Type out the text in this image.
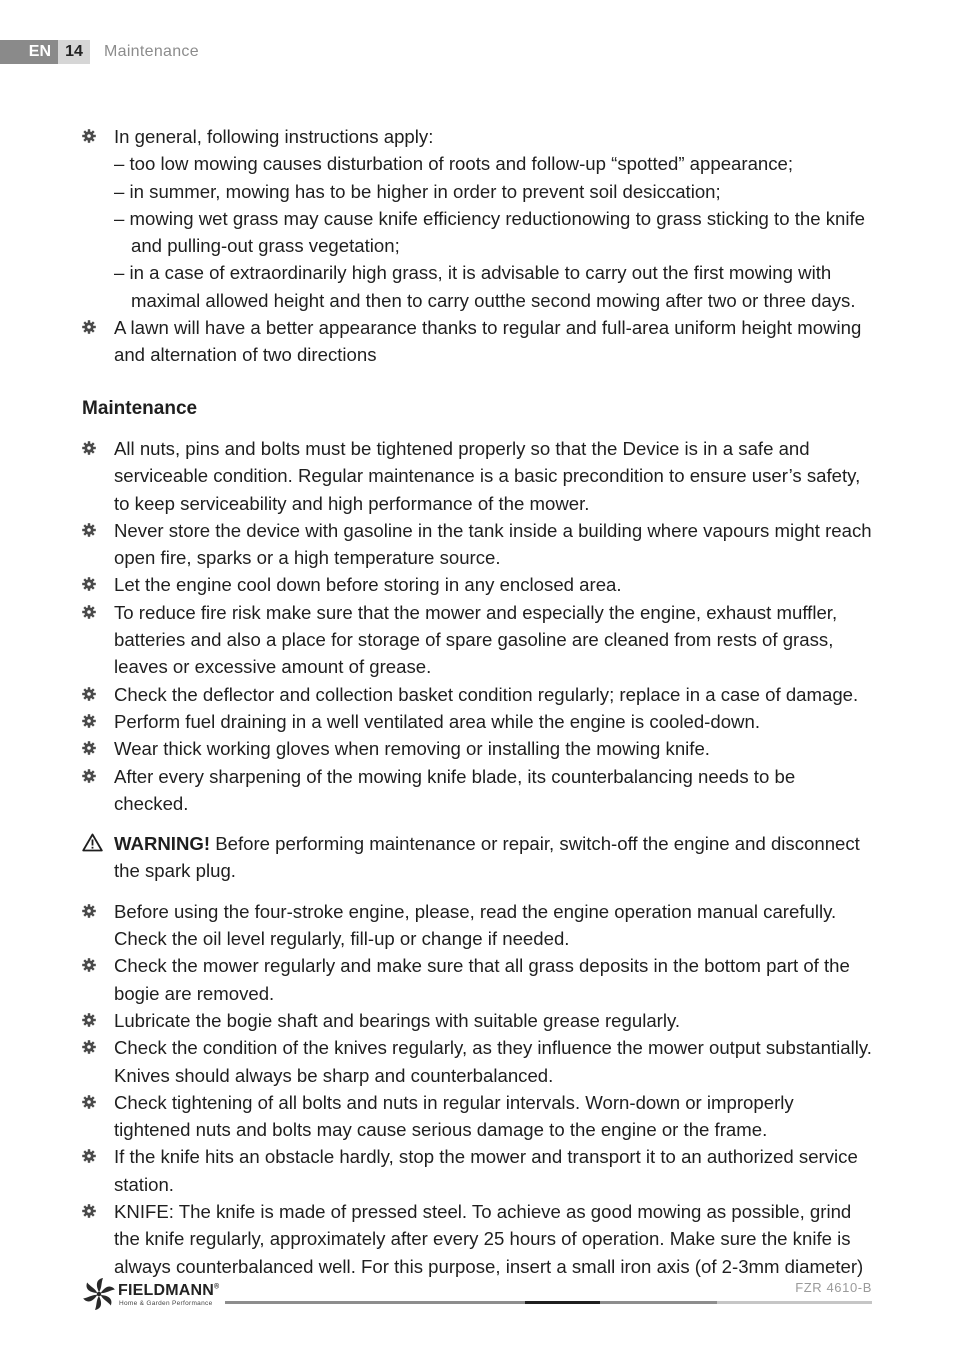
EN 14	Maintenance
In general, following instructions apply:
– too low mowing causes disturbation of roots and follow-up “spotted” appearance;
– in summer, mowing has to be higher in order to prevent soil desiccation;
– mowing wet grass may cause knife efficiency reductionowing to grass sticking to the knife and pulling-out grass vegetation;
– in a case of extraordinarily high grass, it is advisable to carry out the first mowing with maximal allowed height and then to carry outthe second mowing after two or three days.
A lawn will have a better appearance thanks to regular and full-area uniform height mowing and alternation of two directions
Maintenance
All nuts, pins and bolts must be tightened properly so that the Device is in a safe and serviceable condition. Regular maintenance is a basic precondition to ensure user’s safety, to keep serviceability and high performance of the mower.
Never store the device with gasoline in the tank inside a building where vapours might reach open fire, sparks or a high temperature source.
Let the engine cool down before storing in any enclosed area.
To reduce fire risk make sure that the mower and especially the engine, exhaust muffler, batteries and also a place for storage of spare gasoline are cleaned from rests of grass, leaves or excessive amount of grease.
Check the deflector and collection basket condition regularly; replace in a case of damage.
Perform fuel draining in a well ventilated area while the engine is cooled-down.
Wear thick working gloves when removing or installing the mowing knife.
After every sharpening of the mowing knife blade, its counterbalancing needs to be checked.
WARNING! Before performing maintenance or repair, switch-off the engine and disconnect the spark plug.
Before using the four-stroke engine, please, read the engine operation manual carefully. Check the oil level regularly, fill-up or change if needed.
Check the mower regularly and make sure that all grass deposits in the bottom part of the bogie are removed.
Lubricate the bogie shaft and bearings with suitable grease regularly.
Check the condition of the knives regularly, as they influence the mower output substantially. Knives should always be sharp and counterbalanced.
Check tightening of all bolts and nuts in regular intervals. Worn-down or improperly tightened nuts and bolts may cause serious damage to the engine or the frame.
If the knife hits an obstacle hardly, stop the mower and transport it to an authorized service station.
KNIFE: The knife is made of pressed steel. To achieve as good mowing as possible, grind the knife regularly, approximately after every 25 hours of operation. Make sure the knife is always counterbalanced well. For this purpose, insert a small iron axis (of 2-3mm diameter)
FIELDMANN®
Home & Garden Performance
FZR 4610-B
